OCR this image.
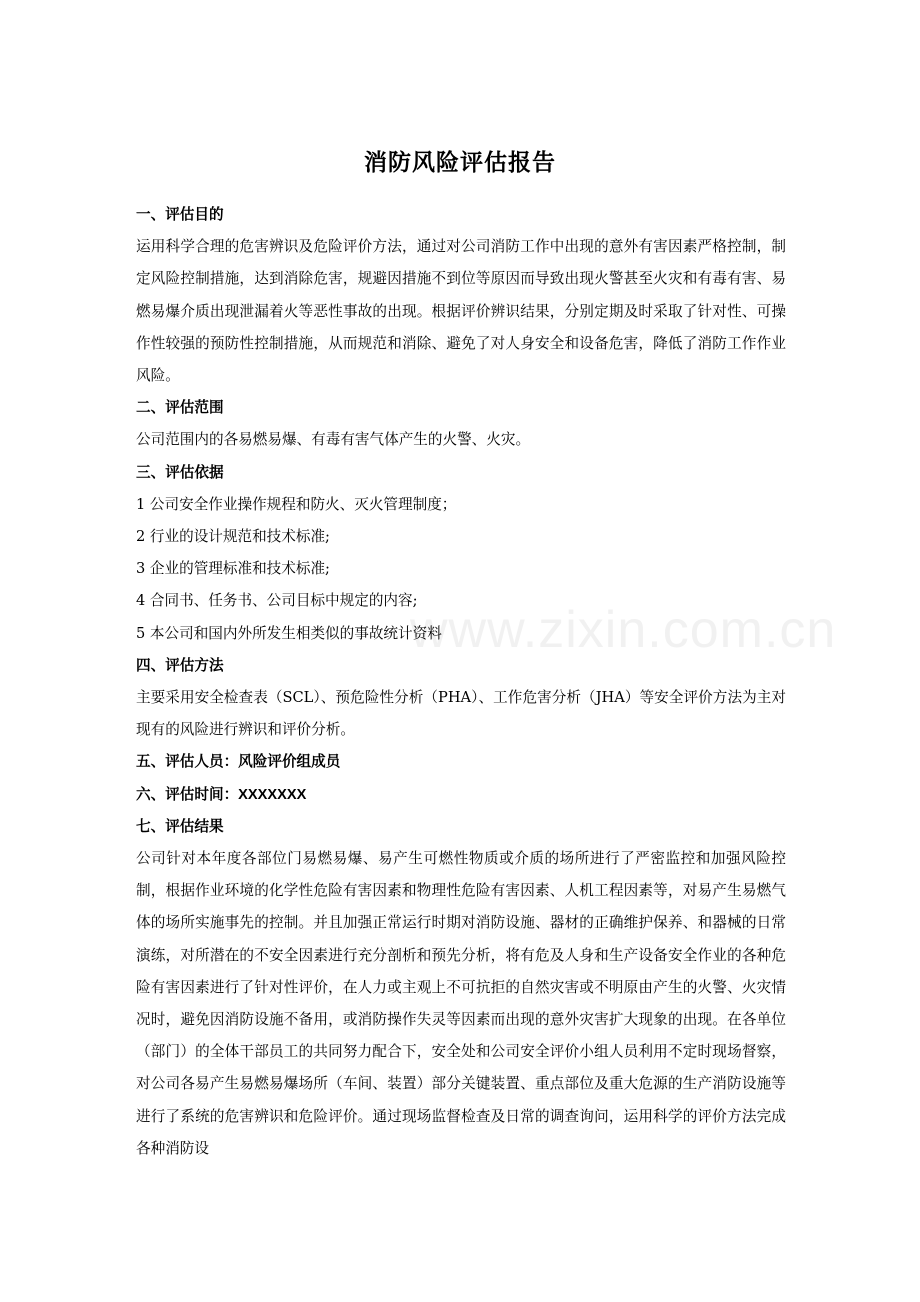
www.zixin.com.cn
消防风险评估报告
一、评估目的

运用科学合理的危害辨识及危险评价方法，通过对公司消防工作中出现的意外有害因素严格控制，制定风险控制措施，达到消除危害，规避因措施不到位等原因而导致出现火警甚至火灾和有毒有害、易燃易爆介质出现泄漏着火等恶性事故的出现。根据评价辨识结果，分别定期及时采取了针对性、可操作性较强的预防性控制措施，从而规范和消除、避免了对人身安全和设备危害，降低了消防工作作业风险。

二、评估范围

公司范围内的各易燃易爆、有毒有害气体产生的火警、火灾。

三、评估依据

1 公司安全作业操作规程和防火、灭火管理制度；

2 行业的设计规范和技术标准;

3 企业的管理标准和技术标准;

4 合同书、任务书、公司目标中规定的内容;

5 本公司和国内外所发生相类似的事故统计资料

四、评估方法

主要采用安全检查表（SCL）、预危险性分析（PHA）、工作危害分析（JHA）等安全评价方法为主对现有的风险进行辨识和评价分析。

五、评估人员：风险评价组成员
六、评估时间：XXXXXXX
七、评估结果

公司针对本年度各部位门易燃易爆、易产生可燃性物质或介质的场所进行了严密监控和加强风险控制，根据作业环境的化学性危险有害因素和物理性危险有害因素、人机工程因素等，对易产生易燃气体的场所实施事先的控制。并且加强正常运行时期对消防设施、器材的正确维护保养、和器械的日常演练，对所潜在的不安全因素进行充分剖析和预先分析，将有危及人身和生产设备安全作业的各种危险有害因素进行了针对性评价，在人力或主观上不可抗拒的自然灾害或不明原由产生的火警、火灾情况时，避免因消防设施不备用，或消防操作失灵等因素而出现的意外灾害扩大现象的出现。在各单位（部门）的全体干部员工的共同努力配合下，安全处和公司安全评价小组人员利用不定时现场督察，对公司各易产生易燃易爆场所（车间、装置）部分关键装置、重点部位及重大危源的生产消防设施等进行了系统的危害辨识和危险评价。通过现场监督检查及日常的调查询问，运用科学的评价方法完成各种消防设
